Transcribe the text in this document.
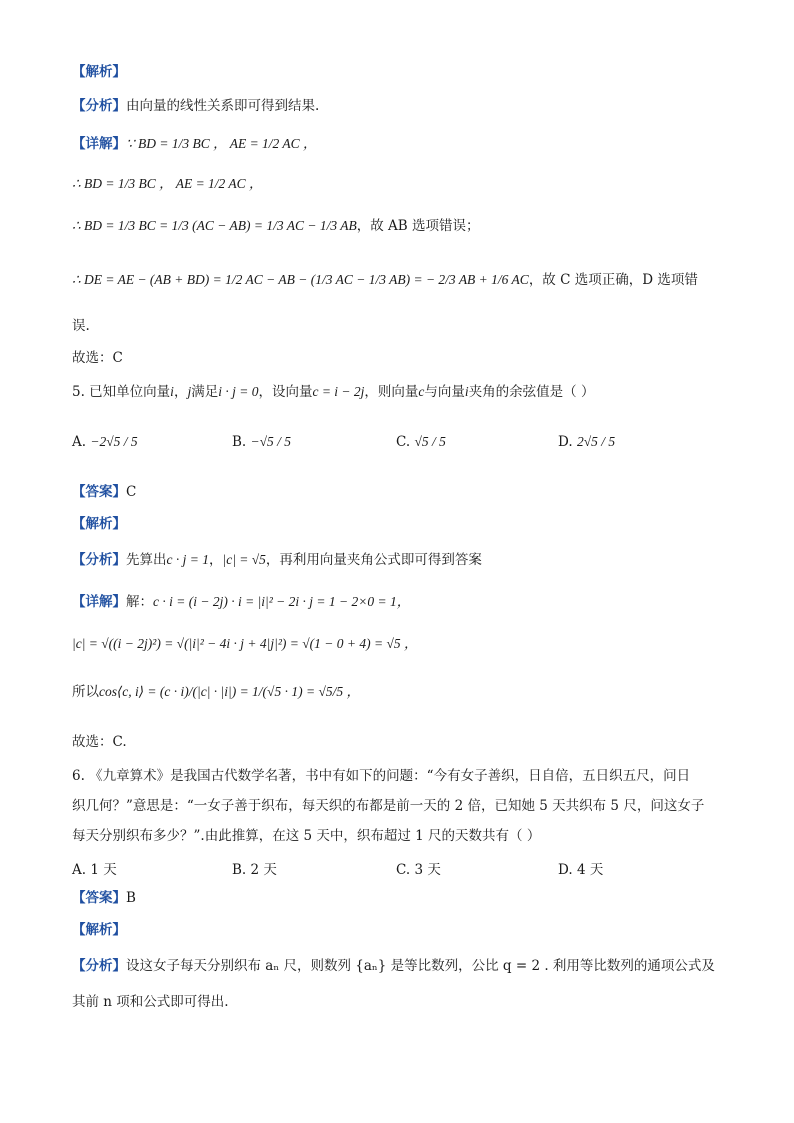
【解析】
【分析】由向量的线性关系即可得到结果.
【详解】∵ BD = 1/3 BC ， AE = 1/2 AC ，
∴ BD = 1/3 BC ， AE = 1/2 AC ，
∴ BD = 1/3 BC = 1/3 (AC − AB) = 1/3 AC − 1/3 AB，故 AB 选项错误；
∴ DE = AE − (AB + BD) = 1/2 AC − AB − (1/3 AC − 1/3 AB) = − 2/3 AB + 1/6 AC，故 C 选项正确，D 选项错
误.
故选：C
5. 已知单位向量i，j满足i · j = 0，设向量c = i − 2j，则向量c与向量i夹角的余弦值是（ ）
A. −2√5 / 5	B. −√5 / 5	C. √5 / 5	D. 2√5 / 5
【答案】C
【解析】
【分析】先算出c · j = 1，|c| = √5，再利用向量夹角公式即可得到答案
【详解】解：c · i = (i − 2j) · i = |i|² − 2i · j = 1 − 2×0 = 1，
|c| = √((i − 2j)²) = √(|i|² − 4i · j + 4|j|²) = √(1 − 0 + 4) = √5 ，
所以cos⟨c, i⟩ = (c · i)/(|c| · |i|) = 1/(√5 · 1) = √5/5 ，
故选：C.
6. 《九章算术》是我国古代数学名著，书中有如下的问题：“今有女子善织，日自倍，五日织五尺，问日
织几何？”意思是：“一女子善于织布，每天织的布都是前一天的 2 倍，已知她 5 天共织布 5 尺，问这女子
每天分别织布多少？”.由此推算，在这 5 天中，织布超过 1 尺的天数共有（ ）
A. 1 天	B. 2 天	C. 3 天	D. 4 天
【答案】B
【解析】
【分析】设这女子每天分别织布 aₙ 尺，则数列 {aₙ} 是等比数列，公比 q = 2 . 利用等比数列的通项公式及
其前 n 项和公式即可得出.
